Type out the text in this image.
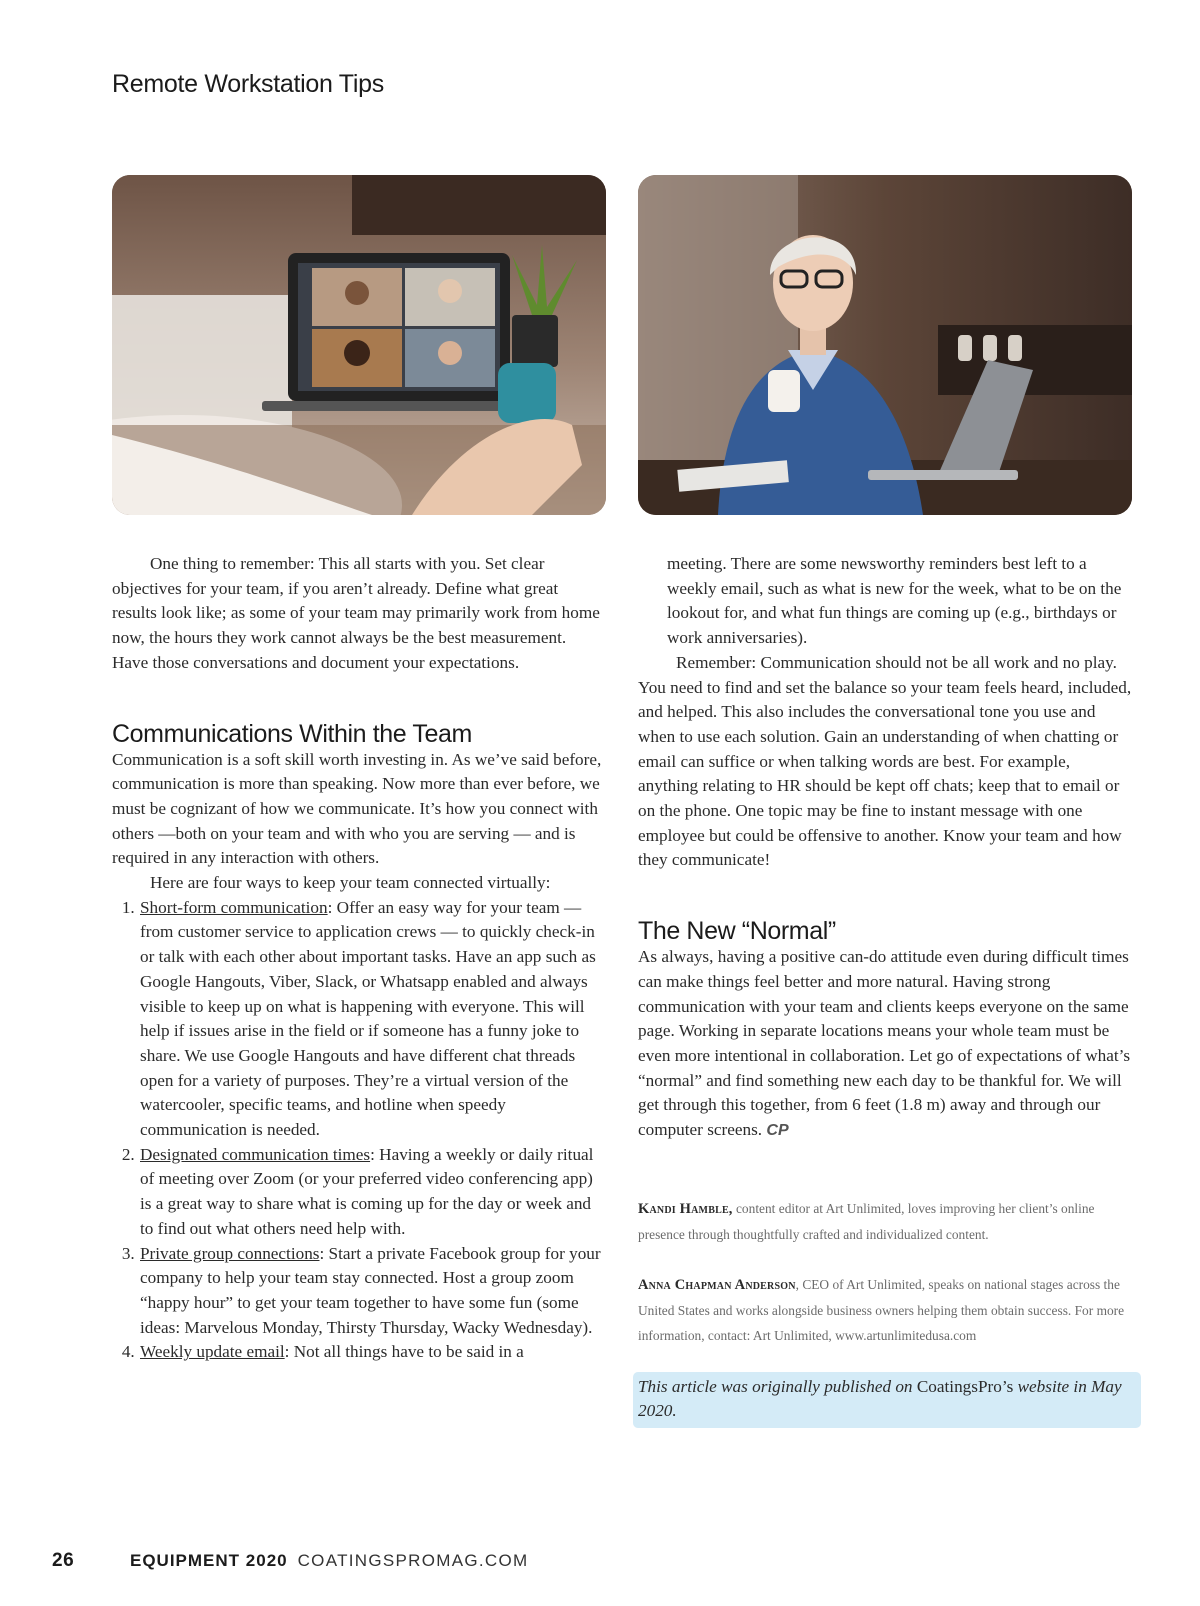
Remote Workstation Tips

One thing to remember: This all starts with you. Set clear objectives for your team, if you aren’t already. Define what great results look like; as some of your team may primarily work from home now, the hours they work cannot always be the best measurement. Have those conversations and document your expectations.

Communications Within the Team

Communication is a soft skill worth investing in. As we’ve said before, communication is more than speaking. Now more than ever before, we must be cognizant of how we communicate. It’s how you connect with others —both on your team and with who you are serving — and is required in any interaction with others.

Here are four ways to keep your team connected virtually:

1. Short-form communication: Offer an easy way for your team — from customer service to application crews — to quickly check-in or talk with each other about important tasks. Have an app such as Google Hangouts, Viber, Slack, or Whatsapp enabled and always visible to keep up on what is happening with everyone. This will help if issues arise in the field or if someone has a funny joke to share. We use Google Hangouts and have different chat threads open for a variety of purposes. They’re a virtual version of the watercooler, specific teams, and hotline when speedy communication is needed.
2. Designated communication times: Having a weekly or daily ritual of meeting over Zoom (or your preferred video conferencing app) is a great way to share what is coming up for the day or week and to find out what others need help with.
3. Private group connections: Start a private Facebook group for your company to help your team stay connected. Host a group zoom “happy hour” to get your team together to have some fun (some ideas: Marvelous Monday, Thirsty Thursday, Wacky Wednesday).
4. Weekly update email: Not all things have to be said in a

meeting. There are some newsworthy reminders best left to a weekly email, such as what is new for the week, what to be on the lookout for, and what fun things are coming up (e.g., birthdays or work anniversaries).

Remember: Communication should not be all work and no play. You need to find and set the balance so your team feels heard, included, and helped. This also includes the conversational tone you use and when to use each solution. Gain an understanding of when chatting or email can suffice or when talking words are best. For example, anything relating to HR should be kept off chats; keep that to email or on the phone. One topic may be fine to instant message with one employee but could be offensive to another. Know your team and how they communicate!

The New “Normal”

As always, having a positive can-do attitude even during difficult times can make things feel better and more natural. Having strong communication with your team and clients keeps everyone on the same page. Working in separate locations means your whole team must be even more intentional in collaboration. Let go of expectations of what’s “normal” and find something new each day to be thankful for. We will get through this together, from 6 feet (1.8 m) away and through our computer screens. CP

Kandi Hamble, content editor at Art Unlimited, loves improving her client’s online presence through thoughtfully crafted and individualized content.

Anna Chapman Anderson, CEO of Art Unlimited, speaks on national stages across the United States and works alongside business owners helping them obtain success. For more information, contact: Art Unlimited, www.artunlimitedusa.com

This article was originally published on CoatingsPro’s website in May 2020.
26	EQUIPMENT 2020 COATINGSPROMAG.COM
